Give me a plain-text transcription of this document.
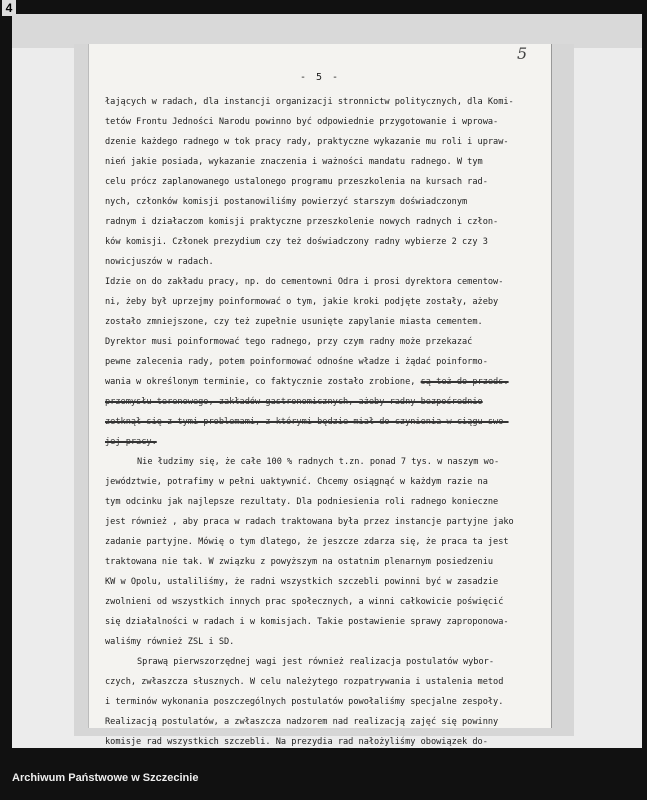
4
5
- 5 -
łających w radach, dla instancji organizacji stronnictw politycznych, dla Komi-
tetów Frontu Jedności Narodu powinno być odpowiednie przygotowanie i wprowa-
dzenie każdego radnego w tok pracy rady, praktyczne wykazanie mu roli i upraw-
nień jakie posiada, wykazanie znaczenia i ważności mandatu radnego. W tym
celu prócz zaplanowanego ustalonego programu przeszkolenia na kursach rad-
nych, członków komisji postanowiliśmy powierzyć starszym doświadczonym
radnym i działaczom komisji praktyczne przeszkolenie nowych radnych i człon-
ków komisji. Członek prezydium czy też doświadczony radny wybierze 2 czy 3
nowicjuszów w radach.
Idzie on do zakładu pracy, np. do cementowni Odra i prosi dyrektora cementow-
ni, żeby był uprzejmy poinformować o tym, jakie kroki podjęte zostały, ażeby
zostało zmniejszone, czy też zupełnie usunięte zapylanie miasta cementem.
Dyrektor musi poinformować tego radnego, przy czym radny może przekazać
pewne zalecenia rady, potem poinformować odnośne władze i żądać poinformo-
wania w określonym terminie, co faktycznie zostało zrobione, są też do przeds.
przemysłu terenowego, zakładów gastronomicznych, ażeby radny bezpośrednio
zetknął się z tymi problemami, z którymi będzie miał do czynienia w ciągu swo-
jej pracy.
Nie łudzimy się, że całe 100 % radnych t.zn. ponad 7 tys. w naszym wo-
jewództwie, potrafimy w pełni uaktywnić. Chcemy osiągnąć w każdym razie na
tym odcinku jak najlepsze rezultaty. Dla podniesienia roli radnego konieczne
jest również , aby praca w radach traktowana była przez instancje partyjne jako
zadanie partyjne. Mówię o tym dlatego, że jeszcze zdarza się, że praca ta jest
traktowana nie tak. W związku z powyższym na ostatnim plenarnym posiedzeniu
KW w Opolu, ustaliliśmy, że radni wszystkich szczebli powinni być w zasadzie
zwolnieni od wszystkich innych prac społecznych, a winni całkowicie poświęcić
się działalności w radach i w komisjach. Takie postawienie sprawy zaproponowa-
waliśmy również ZSL i SD.
Sprawą pierwszorzędnej wagi jest również realizacja postulatów wybor-
czych, zwłaszcza słusznych. W celu należytego rozpatrywania i ustalenia metod
i terminów wykonania poszczególnych postulatów powołaliśmy specjalne zespoły.
Realizacją postulatów, a zwłaszcza nadzorem nad realizacją zajęć się powinny
komisje rad wszystkich szczebli. Na prezydia rad nałożyliśmy obowiązek do-
Archiwum Państwowe w Szczecinie
